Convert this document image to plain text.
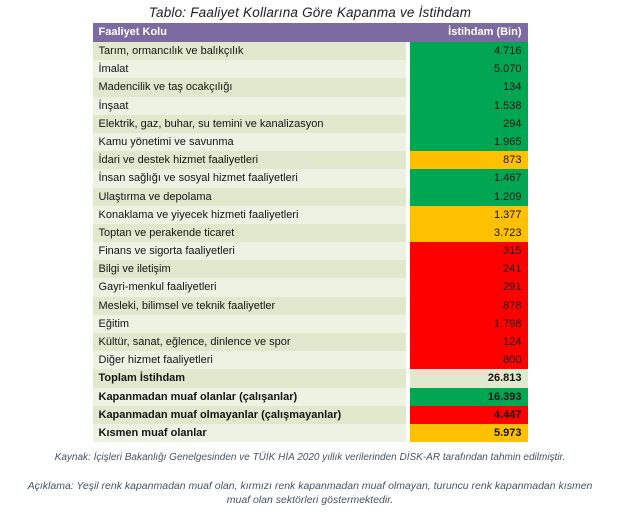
Tablo: Faaliyet Kollarına Göre Kapanma ve İstihdam
Faaliyet Kolu	İstihdam (Bin)
Tarım, ormancılık ve balıkçılık	4.716
İmalat	5.070
Madencilik ve taş ocakçılığı	134
İnşaat	1.538
Elektrik, gaz, buhar, su temini ve kanalizasyon	294
Kamu yönetimi ve savunma	1.965
İdari ve destek hizmet faaliyetleri	873
İnsan sağlığı ve sosyal hizmet faaliyetleri	1.467
Ulaştırma ve depolama	1.209
Konaklama ve yiyecek hizmeti faaliyetleri	1.377
Toptan ve perakende ticaret	3.723
Finans ve sigorta faaliyetleri	315
Bilgi ve iletişim	241
Gayri-menkul faaliyetleri	291
Mesleki, bilimsel ve teknik faaliyetler	878
Eğitim	1.798
Kültür, sanat, eğlence, dinlence ve spor	124
Diğer hizmet faaliyetleri	800
Toplam İstihdam	26.813
Kapanmadan muaf olanlar (çalışanlar)	16.393
Kapanmadan muaf olmayanlar (çalışmayanlar)	4.447
Kısmen muaf olanlar	5.973
Kaynak: İçişleri Bakanlığı Genelgesinden ve TÜİK HİA 2020 yıllık verilerinden DİSK-AR tarafından tahmin edilmiştir.
Açıklama: Yeşil renk kapanmadan muaf olan, kırmızı renk kapanmadan muaf olmayan, turuncu renk kapanmadan kısmen muaf olan sektörleri göstermektedir.
